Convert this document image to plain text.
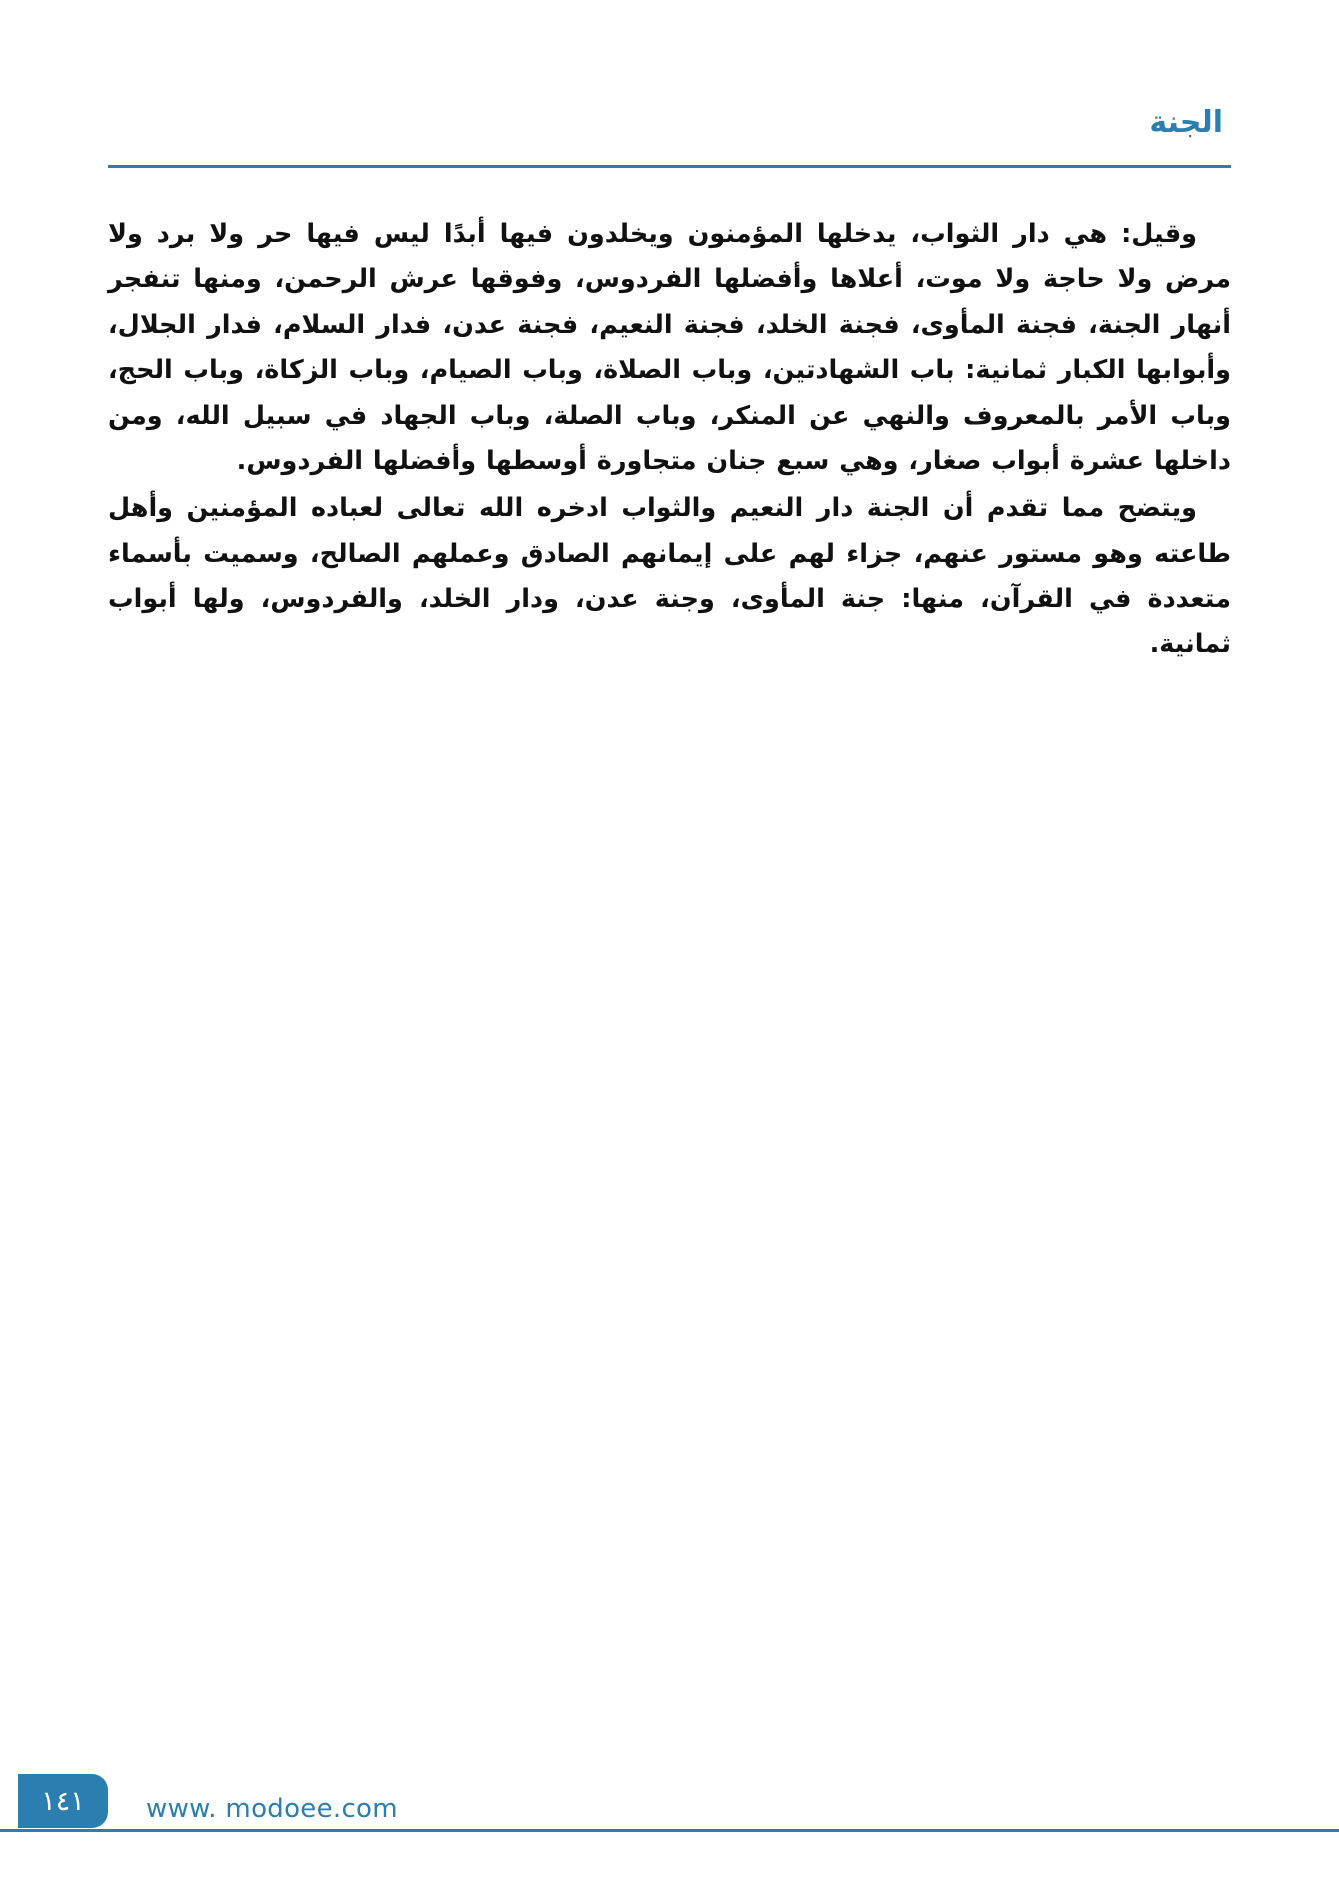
الجنة

وقيل: هي دار الثواب، يدخلها المؤمنون ويخلدون فيها أبدًا ليس فيها حر ولا برد ولا مرض ولا حاجة ولا موت، أعلاها وأفضلها الفردوس، وفوقها عرش الرحمن، ومنها تنفجر أنهار الجنة، فجنة المأوى، فجنة الخلد، فجنة النعيم، فجنة عدن، فدار السلام، فدار الجلال، وأبوابها الكبار ثمانية: باب الشهادتين، وباب الصلاة، وباب الصيام، وباب الزكاة، وباب الحج، وباب الأمر بالمعروف والنهي عن المنكر، وباب الصلة، وباب الجهاد في سبيل الله، ومن داخلها عشرة أبواب صغار، وهي سبع جنان متجاورة أوسطها وأفضلها الفردوس.

ويتضح مما تقدم أن الجنة دار النعيم والثواب ادخره الله تعالى لعباده المؤمنين وأهل طاعته وهو مستور عنهم، جزاء لهم على إيمانهم الصادق وعملهم الصالح، وسميت بأسماء متعددة في القرآن، منها: جنة المأوى، وجنة عدن، ودار الخلد، والفردوس، ولها أبواب ثمانية.

١٤١	www. modoee.com
